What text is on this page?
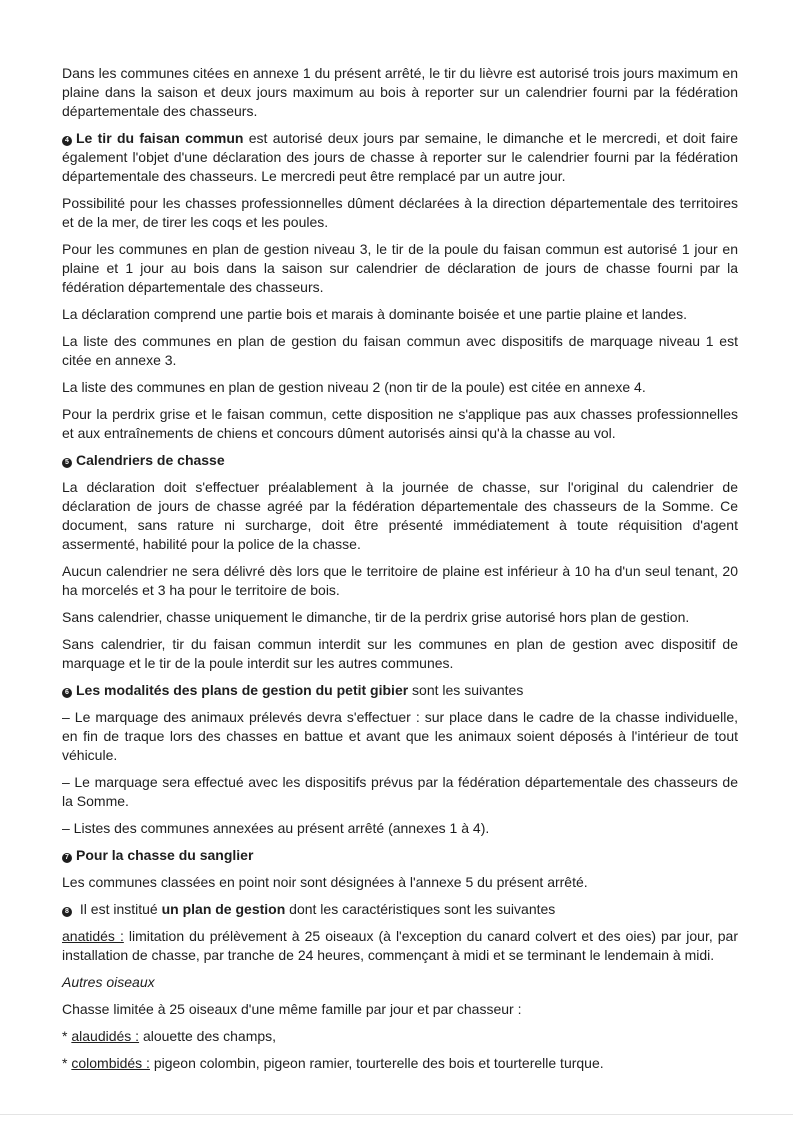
Dans les communes citées en annexe 1 du présent arrêté, le tir du lièvre est autorisé trois jours maximum en plaine dans la saison et deux jours maximum au bois à reporter sur un calendrier fourni par la fédération départementale des chasseurs.

4 Le tir du faisan commun est autorisé deux jours par semaine, le dimanche et le mercredi, et doit faire également l'objet d'une déclaration des jours de chasse à reporter sur le calendrier fourni par la fédération départementale des chasseurs. Le mercredi peut être remplacé par un autre jour.

Possibilité pour les chasses professionnelles dûment déclarées à la direction départementale des territoires et de la mer, de tirer les coqs et les poules.

Pour les communes en plan de gestion niveau 3, le tir de la poule du faisan commun est autorisé 1 jour en plaine et 1 jour au bois dans la saison sur calendrier de déclaration de jours de chasse fourni par la fédération départementale des chasseurs.

La déclaration comprend une partie bois et marais à dominante boisée et une partie plaine et landes.

La liste des communes en plan de gestion du faisan commun avec dispositifs de marquage niveau 1 est citée en annexe 3.

La liste des communes en plan de gestion niveau 2 (non tir de la poule) est citée en annexe 4.

Pour la perdrix grise et le faisan commun, cette disposition ne s'applique pas aux chasses professionnelles et aux entraînements de chiens et concours dûment autorisés ainsi qu'à la chasse au vol.

5 Calendriers de chasse

La déclaration doit s'effectuer préalablement à la journée de chasse, sur l'original du calendrier de déclaration de jours de chasse agréé par la fédération départementale des chasseurs de la Somme. Ce document, sans rature ni surcharge, doit être présenté immédiatement à toute réquisition d'agent assermenté, habilité pour la police de la chasse.

Aucun calendrier ne sera délivré dès lors que le territoire de plaine est inférieur à 10 ha d'un seul tenant, 20 ha morcelés et 3 ha pour le territoire de bois.

Sans calendrier, chasse uniquement le dimanche, tir de la perdrix grise autorisé hors plan de gestion.

Sans calendrier, tir du faisan commun interdit sur les communes en plan de gestion avec dispositif de marquage et le tir de la poule interdit sur les autres communes.

6 Les modalités des plans de gestion du petit gibier sont les suivantes

– Le marquage des animaux prélevés devra s'effectuer : sur place dans le cadre de la chasse individuelle, en fin de traque lors des chasses en battue et avant que les animaux soient déposés à l'intérieur de tout véhicule.

– Le marquage sera effectué avec les dispositifs prévus par la fédération départementale des chasseurs de la Somme.

– Listes des communes annexées au présent arrêté (annexes 1 à 4).

7 Pour la chasse du sanglier

Les communes classées en point noir sont désignées à l'annexe 5 du présent arrêté.

8 Il est institué un plan de gestion dont les caractéristiques sont les suivantes

anatidés : limitation du prélèvement à 25 oiseaux (à l'exception du canard colvert et des oies) par jour, par installation de chasse, par tranche de 24 heures, commençant à midi et se terminant le lendemain à midi.

Autres oiseaux

Chasse limitée à 25 oiseaux d'une même famille par jour et par chasseur :

* alaudidés : alouette des champs,

* colombidés : pigeon colombin, pigeon ramier, tourterelle des bois et tourterelle turque.
